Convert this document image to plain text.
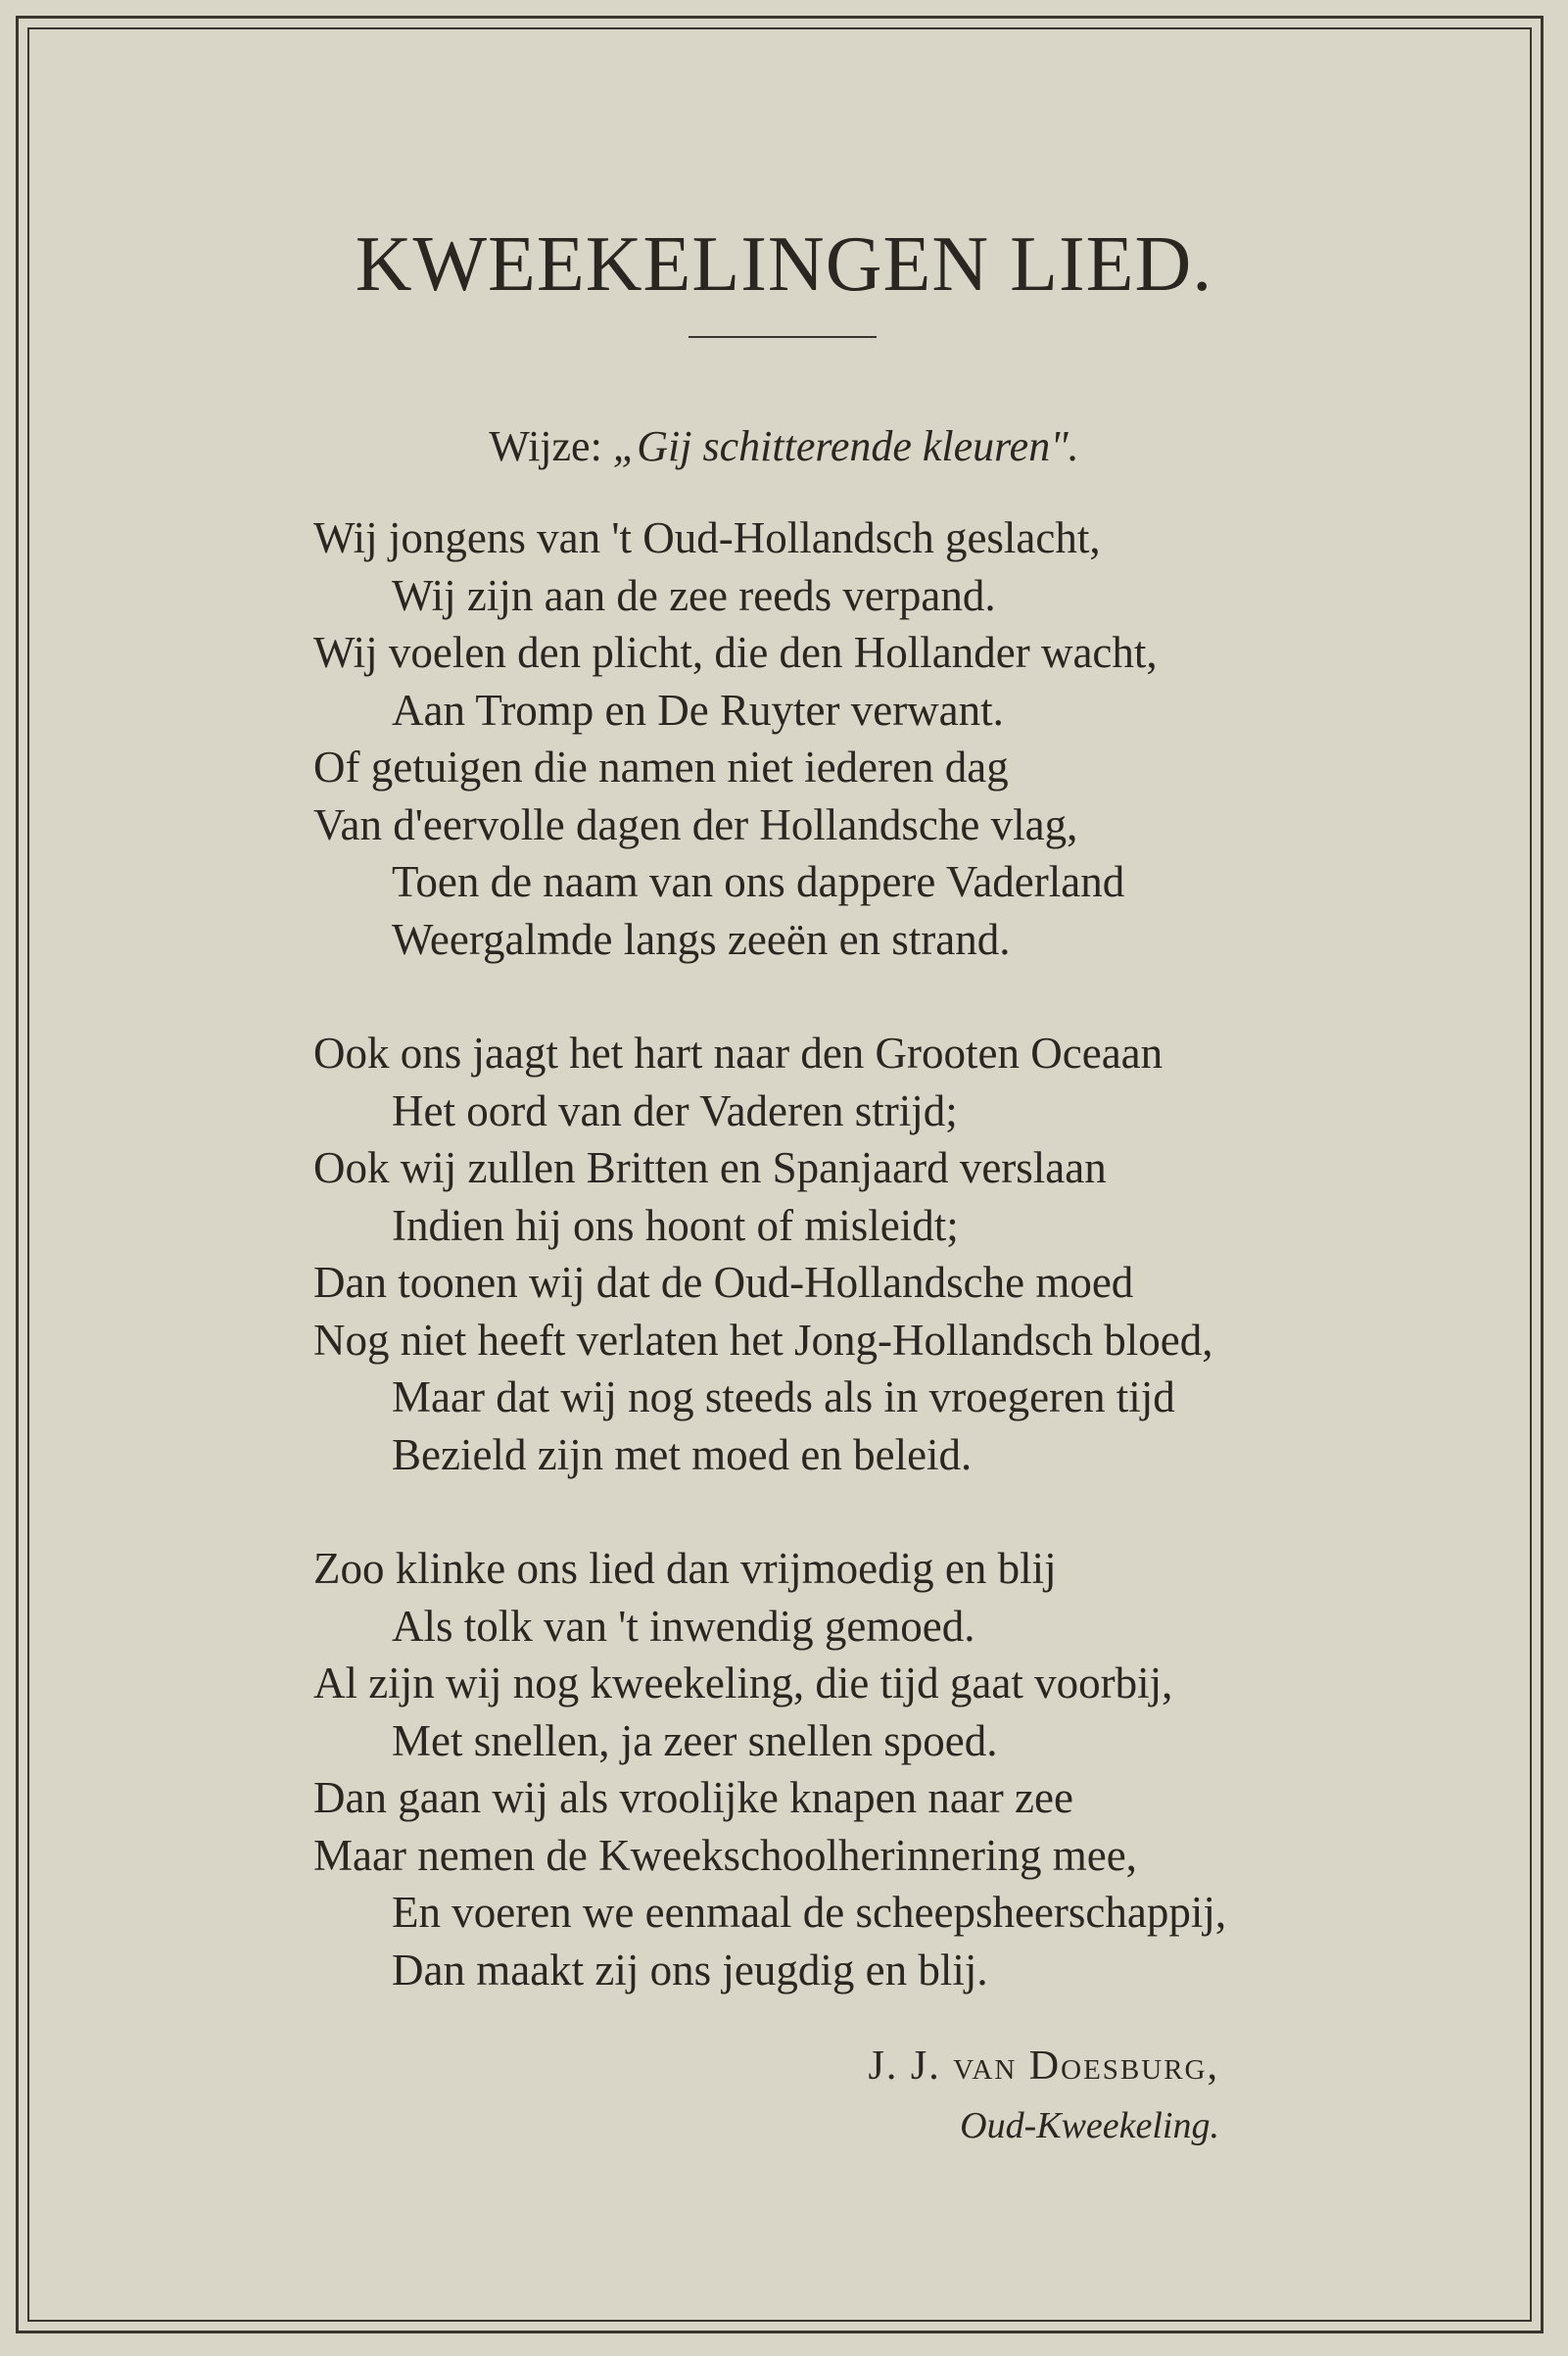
KWEEKELINGEN LIED.
Wijze: „Gij schitterende kleuren".
Wij jongens van 't Oud-Hollandsch geslacht,
Wij zijn aan de zee reeds verpand.
Wij voelen den plicht, die den Hollander wacht,
Aan Tromp en De Ruyter verwant.
Of getuigen die namen niet iederen dag
Van d'eervolle dagen der Hollandsche vlag,
Toen de naam van ons dappere Vaderland
Weergalmde langs zeeën en strand.
Ook ons jaagt het hart naar den Grooten Oceaan
Het oord van der Vaderen strijd;
Ook wij zullen Britten en Spanjaard verslaan
Indien hij ons hoont of misleidt;
Dan toonen wij dat de Oud-Hollandsche moed
Nog niet heeft verlaten het Jong-Hollandsch bloed,
Maar dat wij nog steeds als in vroegeren tijd
Bezield zijn met moed en beleid.
Zoo klinke ons lied dan vrijmoedig en blij
Als tolk van 't inwendig gemoed.
Al zijn wij nog kweekeling, die tijd gaat voorbij,
Met snellen, ja zeer snellen spoed.
Dan gaan wij als vroolijke knapen naar zee
Maar nemen de Kweekschoolherinnering mee,
En voeren we eenmaal de scheepsheerschappij,
Dan maakt zij ons jeugdig en blij.
J. J. van Doesburg,
Oud-Kweekeling.
